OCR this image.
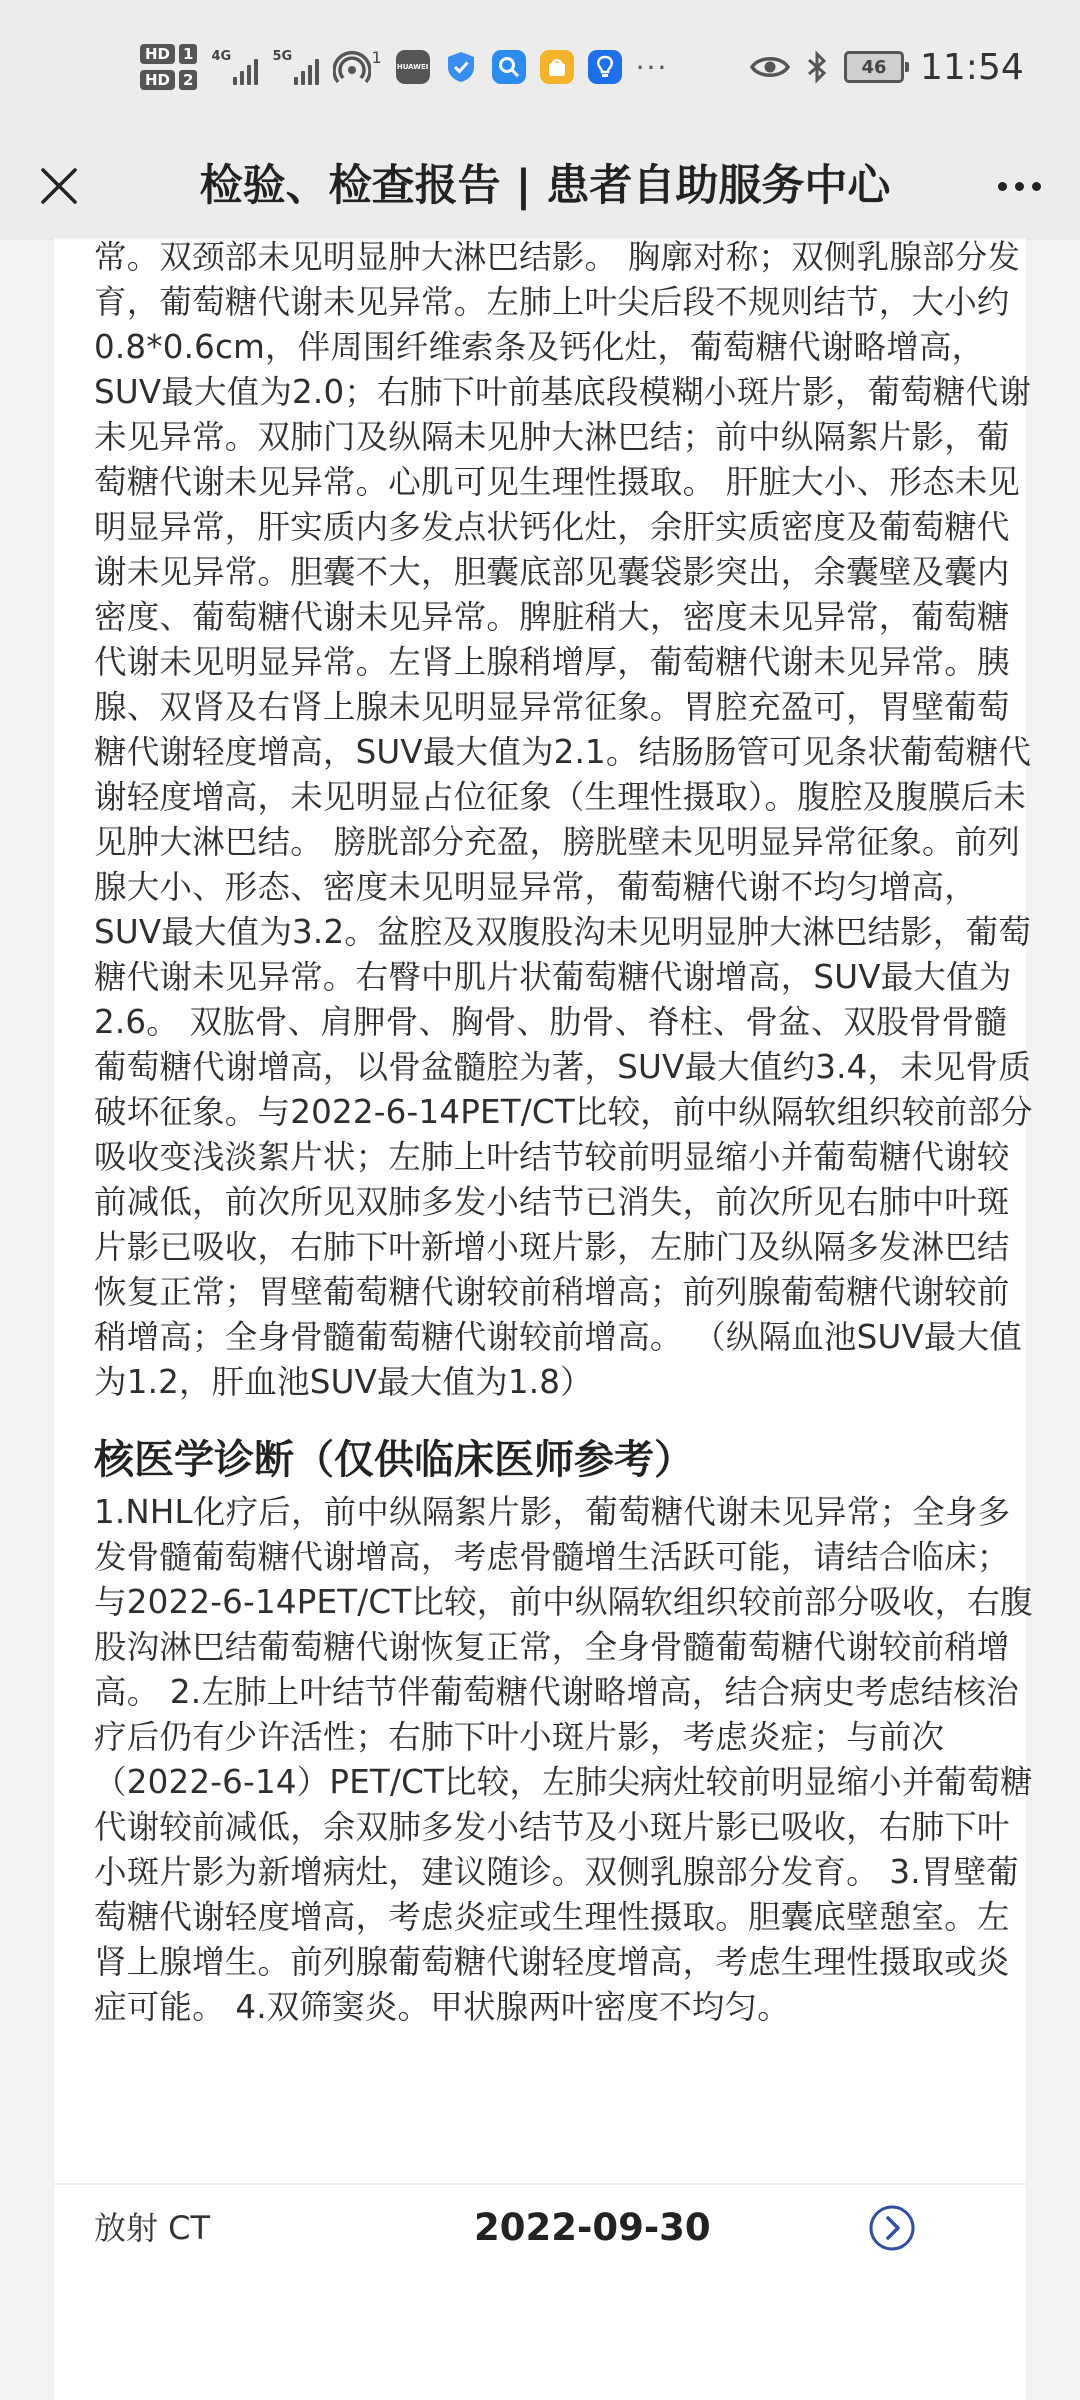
HD 1
HD 2
4G	5G	1 HUAWEI	···	46 11:54
检验、检查报告 | 患者自助服务中心
常。双颈部未见明显肿大淋巴结影。 胸廓对称；双侧乳腺部分发育，葡萄糖代谢未见异常。左肺上叶尖后段不规则结节，大小约0.8*0.6cm，伴周围纤维索条及钙化灶，葡萄糖代谢略增高，SUV最大值为2.0；右肺下叶前基底段模糊小斑片影，葡萄糖代谢未见异常。双肺门及纵隔未见肿大淋巴结；前中纵隔絮片影，葡萄糖代谢未见异常。心肌可见生理性摄取。 肝脏大小、形态未见明显异常，肝实质内多发点状钙化灶，余肝实质密度及葡萄糖代谢未见异常。胆囊不大，胆囊底部见囊袋影突出，余囊壁及囊内密度、葡萄糖代谢未见异常。脾脏稍大，密度未见异常，葡萄糖代谢未见明显异常。左肾上腺稍增厚，葡萄糖代谢未见异常。胰腺、双肾及右肾上腺未见明显异常征象。胃腔充盈可，胃壁葡萄糖代谢轻度增高，SUV最大值为2.1。结肠肠管可见条状葡萄糖代谢轻度增高，未见明显占位征象（生理性摄取）。腹腔及腹膜后未见肿大淋巴结。 膀胱部分充盈，膀胱壁未见明显异常征象。前列腺大小、形态、密度未见明显异常，葡萄糖代谢不均匀增高，SUV最大值为3.2。盆腔及双腹股沟未见明显肿大淋巴结影，葡萄糖代谢未见异常。右臀中肌片状葡萄糖代谢增高，SUV最大值为2.6。 双肱骨、肩胛骨、胸骨、肋骨、脊柱、骨盆、双股骨骨髓葡萄糖代谢增高，以骨盆髓腔为著，SUV最大值约3.4，未见骨质破坏征象。与2022-6-14PET/CT比较，前中纵隔软组织较前部分吸收变浅淡絮片状；左肺上叶结节较前明显缩小并葡萄糖代谢较前减低，前次所见双肺多发小结节已消失，前次所见右肺中叶斑片影已吸收，右肺下叶新增小斑片影，左肺门及纵隔多发淋巴结恢复正常；胃壁葡萄糖代谢较前稍增高；前列腺葡萄糖代谢较前稍增高；全身骨髓葡萄糖代谢较前增高。 （纵隔血池SUV最大值为1.2，肝血池SUV最大值为1.8）
核医学诊断（仅供临床医师参考）
1.NHL化疗后，前中纵隔絮片影，葡萄糖代谢未见异常；全身多发骨髓葡萄糖代谢增高，考虑骨髓增生活跃可能，请结合临床；与2022-6-14PET/CT比较，前中纵隔软组织较前部分吸收，右腹股沟淋巴结葡萄糖代谢恢复正常，全身骨髓葡萄糖代谢较前稍增高。 2.左肺上叶结节伴葡萄糖代谢略增高，结合病史考虑结核治疗后仍有少许活性；右肺下叶小斑片影，考虑炎症；与前次（2022-6-14）PET/CT比较，左肺尖病灶较前明显缩小并葡萄糖代谢较前减低，余双肺多发小结节及小斑片影已吸收，右肺下叶小斑片影为新增病灶，建议随诊。双侧乳腺部分发育。 3.胃壁葡萄糖代谢轻度增高，考虑炎症或生理性摄取。胆囊底壁憩室。左肾上腺增生。前列腺葡萄糖代谢轻度增高，考虑生理性摄取或炎症可能。 4.双筛窦炎。甲状腺两叶密度不均匀。
放射 CT	2022-09-30
